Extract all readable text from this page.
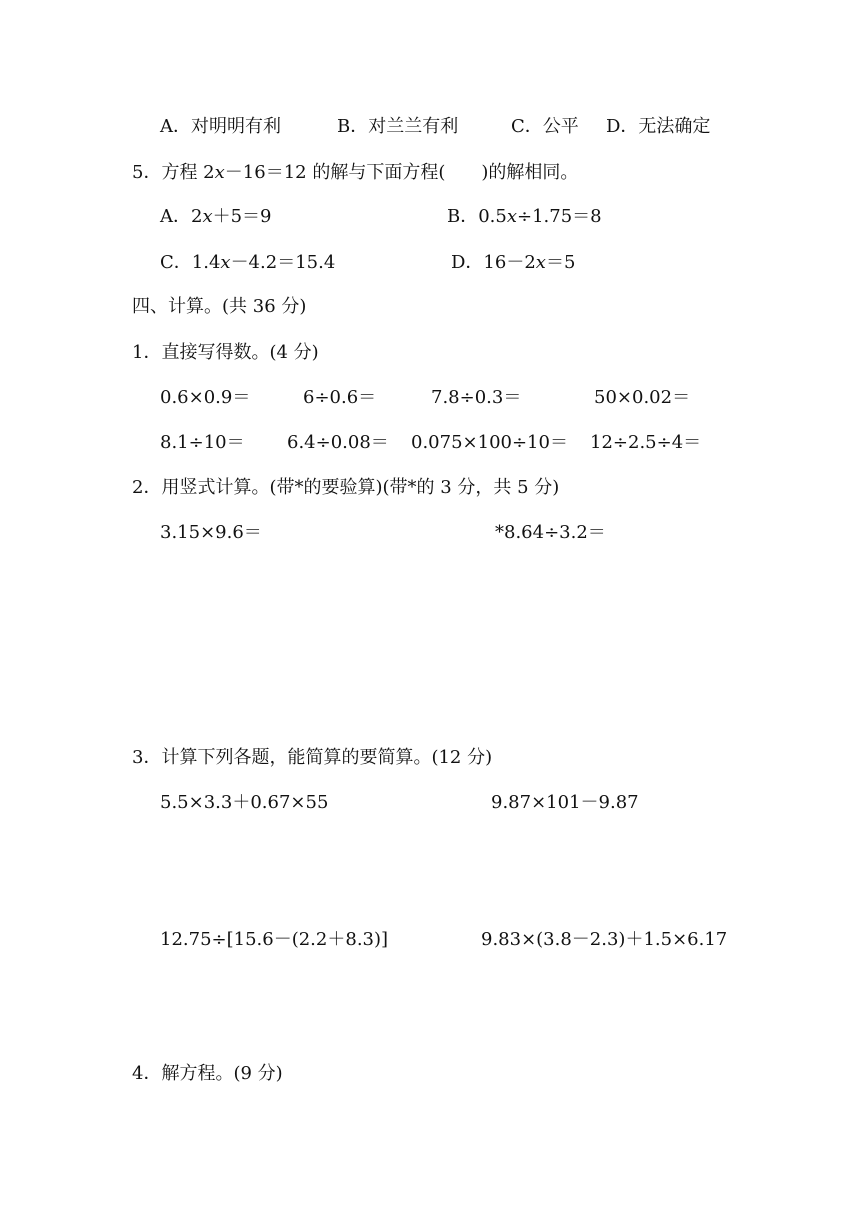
A．对明明有利	B．对兰兰有利	C．公平 D．无法确定
5．方程 2x－16＝12 的解与下面方程(　　)的解相同。
A．2x＋5＝9	B．0.5x÷1.75＝8
C．1.4x－4.2＝15.4	D．16－2x＝5
四、计算。(共 36 分)
1．直接写得数。(4 分)
0.6×0.9＝	6÷0.6＝	7.8÷0.3＝	50×0.02＝
8.1÷10＝ 6.4÷0.08＝ 0.075×100÷10＝ 12÷2.5÷4＝
2．用竖式计算。(带*的要验算)(带*的 3 分，共 5 分)
3.15×9.6＝	*8.64÷3.2＝
3．计算下列各题，能简算的要简算。(12 分)
5.5×3.3＋0.67×55	9.87×101－9.87
12.75÷[15.6－(2.2＋8.3)]	9.83×(3.8－2.3)＋1.5×6.17
4．解方程。(9 分)
